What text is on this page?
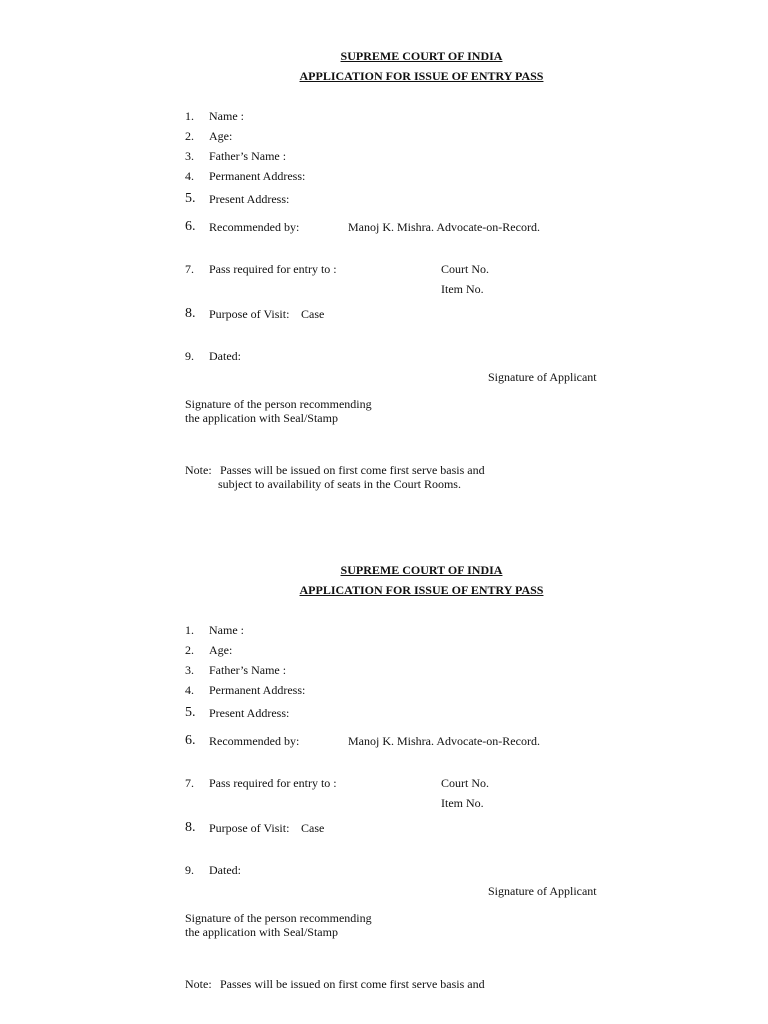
SUPREME COURT OF INDIA
APPLICATION FOR ISSUE OF ENTRY PASS
1. Name :
2. Age:
3. Father’s Name :
4. Permanent Address:
5. Present Address:
6. Recommended by:	Manoj K. Mishra. Advocate-on-Record.
7. Pass required for entry to :	Court No.
Item No.
8. Purpose of Visit: Case
9. Dated:
Signature of Applicant
Signature of the person recommending
the application with Seal/Stamp
Note: Passes will be issued on first come first serve basis and
subject to availability of seats in the Court Rooms.
SUPREME COURT OF INDIA
APPLICATION FOR ISSUE OF ENTRY PASS
1. Name :
2. Age:
3. Father’s Name :
4. Permanent Address:
5. Present Address:
6. Recommended by:	Manoj K. Mishra. Advocate-on-Record.
7. Pass required for entry to :	Court No.
Item No.
8. Purpose of Visit: Case
9. Dated:
Signature of Applicant
Signature of the person recommending
the application with Seal/Stamp
Note: Passes will be issued on first come first serve basis and
